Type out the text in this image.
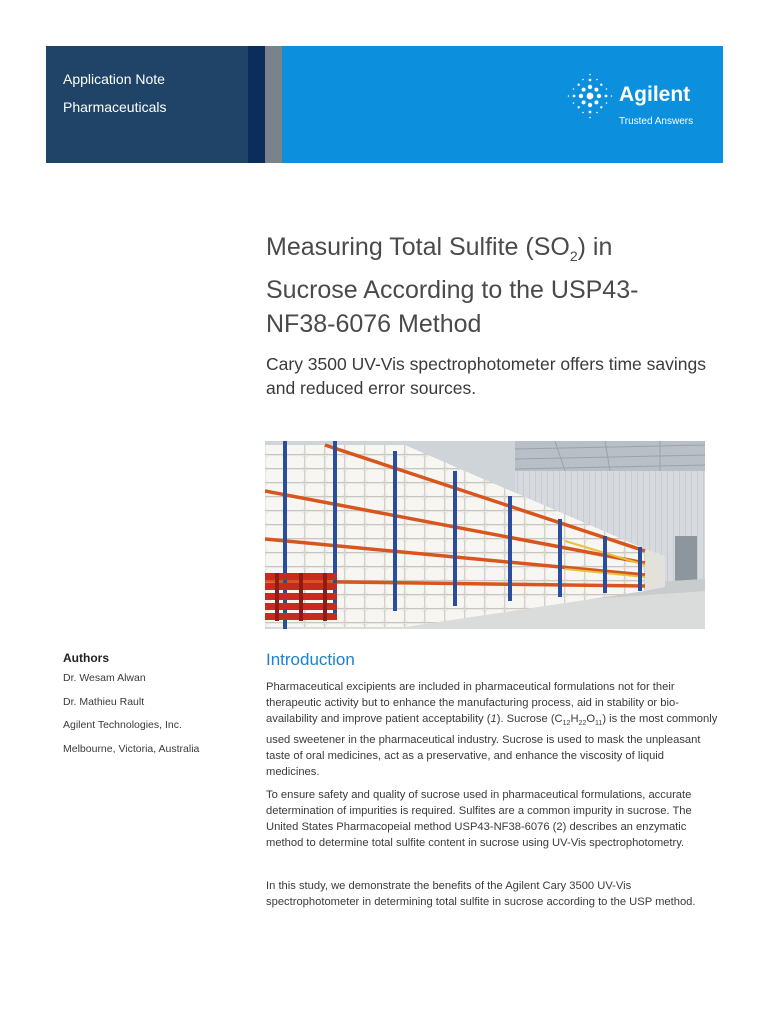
Application Note
Pharmaceuticals
Agilent
Trusted Answers
Measuring Total Sulfite $(SO_2)$ in Sucrose According to the USP43-NF38-6076 Method
Cary 3500 UV-Vis spectrophotometer offers time savings and reduced error sources.
Authors
Dr. Wesam Alwan
Dr. Mathieu Rault
Agilent Technologies, Inc.
Melbourne, Victoria, Australia
Introduction

Pharmaceutical excipients are included in pharmaceutical formulations not for their therapeutic activity but to enhance the manufacturing process, aid in stability or bio-availability and improve patient acceptability (1). Sucrose $(C_{12}H_{22}O_{11})$ is the most commonly used sweetener in the pharmaceutical industry. Sucrose is used to mask the unpleasant taste of oral medicines, act as a preservative, and enhance the viscosity of liquid medicines.

To ensure safety and quality of sucrose used in pharmaceutical formulations, accurate determination of impurities is required. Sulfites are a common impurity in sucrose. The United States Pharmacopeial method USP43-NF38-6076 (2) describes an enzymatic method to determine total sulfite content in sucrose using UV-Vis spectrophotometry.

In this study, we demonstrate the benefits of the Agilent Cary 3500 UV-Vis spectrophotometer in determining total sulfite in sucrose according to the USP method.
